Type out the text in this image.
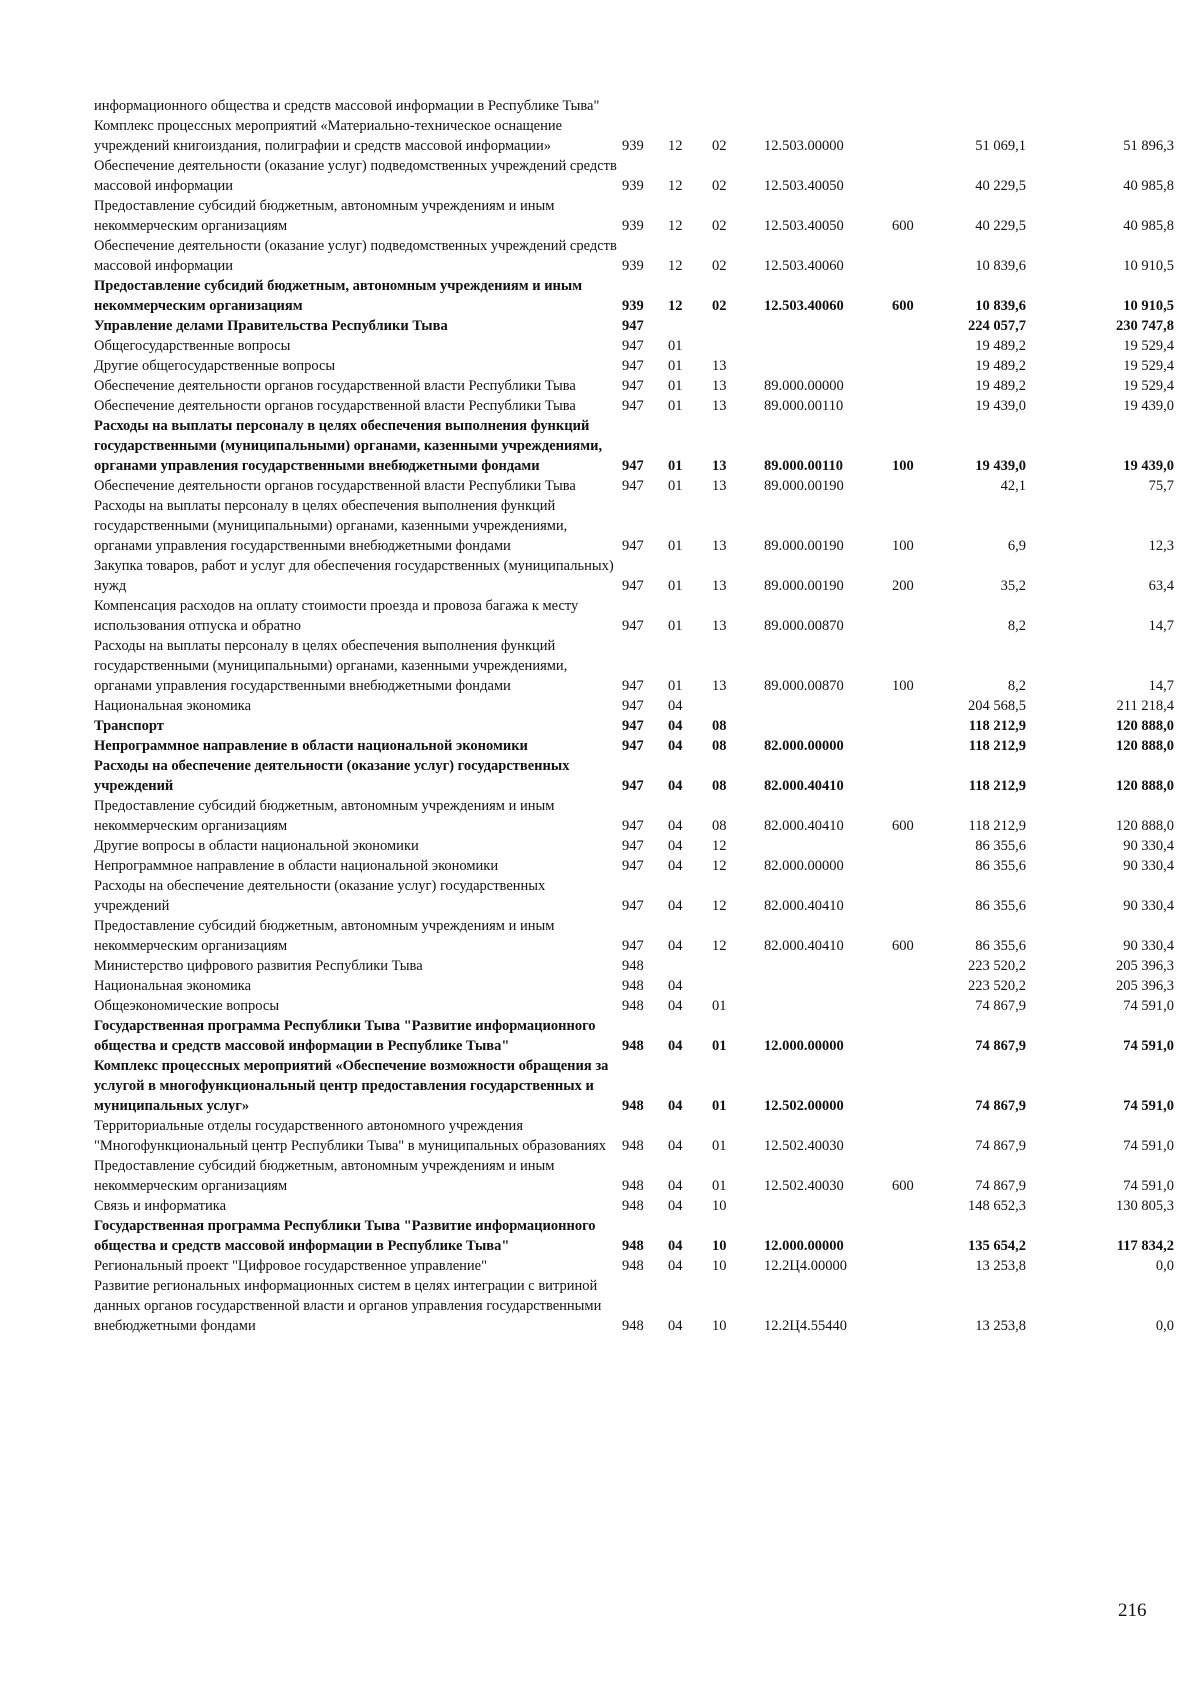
информационного общества и средств массовой информации в Республике Тыва"							
Комплекс процессных мероприятий «Материально-техническое оснащение учреждений книгоиздания, полиграфии и средств массовой информации»	939	12	02	12.503.00000		51 069,1	51 896,3
Обеспечение деятельности (оказание услуг) подведомственных учреждений средств массовой информации	939	12	02	12.503.40050		40 229,5	40 985,8
Предоставление субсидий бюджетным, автономным учреждениям и иным некоммерческим организациям	939	12	02	12.503.40050	600	40 229,5	40 985,8
Обеспечение деятельности (оказание услуг) подведомственных учреждений средств массовой информации	939	12	02	12.503.40060		10 839,6	10 910,5
Предоставление субсидий бюджетным, автономным учреждениям и иным некоммерческим организациям	939	12	02	12.503.40060	600	10 839,6	10 910,5
Управление делами Правительства Республики Тыва	947					224 057,7	230 747,8
Общегосударственные вопросы	947	01				19 489,2	19 529,4
Другие общегосударственные вопросы	947	01	13			19 489,2	19 529,4
Обеспечение деятельности органов государственной власти Республики Тыва	947	01	13	89.000.00000		19 489,2	19 529,4
Обеспечение деятельности органов государственной власти Республики Тыва	947	01	13	89.000.00110		19 439,0	19 439,0
Расходы на выплаты персоналу в целях обеспечения выполнения функций государственными (муниципальными) органами, казенными учреждениями, органами управления государственными внебюджетными фондами	947	01	13	89.000.00110	100	19 439,0	19 439,0
Обеспечение деятельности органов государственной власти Республики Тыва	947	01	13	89.000.00190		42,1	75,7
Расходы на выплаты персоналу в целях обеспечения выполнения функций государственными (муниципальными) органами, казенными учреждениями, органами управления государственными внебюджетными фондами	947	01	13	89.000.00190	100	6,9	12,3
Закупка товаров, работ и услуг для обеспечения государственных (муниципальных) нужд	947	01	13	89.000.00190	200	35,2	63,4
Компенсация расходов на оплату стоимости проезда и провоза багажа к месту использования отпуска и обратно	947	01	13	89.000.00870		8,2	14,7
Расходы на выплаты персоналу в целях обеспечения выполнения функций государственными (муниципальными) органами, казенными учреждениями, органами управления государственными внебюджетными фондами	947	01	13	89.000.00870	100	8,2	14,7
Национальная экономика	947	04				204 568,5	211 218,4
Транспорт	947	04	08			118 212,9	120 888,0
Непрограммное направление в области национальной экономики	947	04	08	82.000.00000		118 212,9	120 888,0
Расходы на обеспечение деятельности (оказание услуг) государственных учреждений	947	04	08	82.000.40410		118 212,9	120 888,0
Предоставление субсидий бюджетным, автономным учреждениям и иным некоммерческим организациям	947	04	08	82.000.40410	600	118 212,9	120 888,0
Другие вопросы в области национальной экономики	947	04	12			86 355,6	90 330,4
Непрограммное направление в области национальной экономики	947	04	12	82.000.00000		86 355,6	90 330,4
Расходы на обеспечение деятельности (оказание услуг) государственных учреждений	947	04	12	82.000.40410		86 355,6	90 330,4
Предоставление субсидий бюджетным, автономным учреждениям и иным некоммерческим организациям	947	04	12	82.000.40410	600	86 355,6	90 330,4
Министерство цифрового развития Республики Тыва	948					223 520,2	205 396,3
Национальная экономика	948	04				223 520,2	205 396,3
Общеэкономические вопросы	948	04	01			74 867,9	74 591,0
Государственная программа Республики Тыва "Развитие информационного общества и средств массовой информации в Республике Тыва"	948	04	01	12.000.00000		74 867,9	74 591,0
Комплекс процессных мероприятий «Обеспечение возможности обращения за услугой в многофункциональный центр предоставления государственных и муниципальных услуг»	948	04	01	12.502.00000		74 867,9	74 591,0
Территориальные отделы государственного автономного учреждения "Многофункциональный центр Республики Тыва" в муниципальных образованиях	948	04	01	12.502.40030		74 867,9	74 591,0
Предоставление субсидий бюджетным, автономным учреждениям и иным некоммерческим организациям	948	04	01	12.502.40030	600	74 867,9	74 591,0
Связь и информатика	948	04	10			148 652,3	130 805,3
Государственная программа Республики Тыва "Развитие информационного общества и средств массовой информации в Республике Тыва"	948	04	10	12.000.00000		135 654,2	117 834,2
Региональный проект "Цифровое государственное управление"	948	04	10	12.2Ц4.00000		13 253,8	0,0
Развитие региональных информационных систем в целях интеграции с витриной данных органов государственной власти и органов управления государственными внебюджетными фондами	948	04	10	12.2Ц4.55440		13 253,8	0,0
216
